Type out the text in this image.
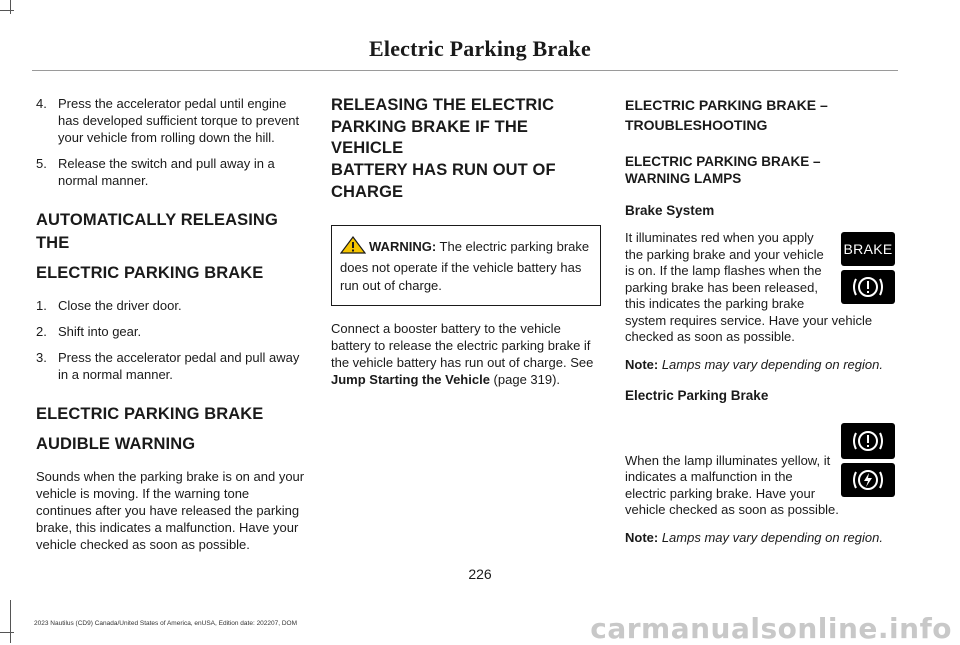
Electric Parking Brake
4. Press the accelerator pedal until engine has developed sufficient torque to prevent your vehicle from rolling down the hill.
5. Release the switch and pull away in a normal manner.
AUTOMATICALLY RELEASING THE
ELECTRIC PARKING BRAKE
1. Close the driver door.
2. Shift into gear.
3. Press the accelerator pedal and pull away in a normal manner.
ELECTRIC PARKING BRAKE
AUDIBLE WARNING

Sounds when the parking brake is on and your vehicle is moving. If the warning tone continues after you have released the parking brake, this indicates a malfunction. Have your vehicle checked as soon as possible.

RELEASING THE ELECTRIC
PARKING BRAKE IF THE VEHICLE
BATTERY HAS RUN OUT OF
CHARGE
WARNING: The electric parking brake does not operate if the vehicle battery has run out of charge.

Connect a booster battery to the vehicle battery to release the electric parking brake if the vehicle battery has run out of charge. See Jump Starting the Vehicle (page 319).

ELECTRIC PARKING BRAKE –
TROUBLESHOOTING
ELECTRIC PARKING BRAKE –
WARNING LAMPS
Brake System
BRAKE

It illuminates red when you apply the parking brake and your vehicle is on. If the lamp flashes when the parking brake has been released, this indicates the parking brake system requires service. Have your vehicle checked as soon as possible.

Note: Lamps may vary depending on region.

Electric Parking Brake

When the lamp illuminates yellow, it indicates a malfunction in the electric parking brake. Have your vehicle checked as soon as possible.

Note: Lamps may vary depending on region.

226
2023 Nautilus (CD9) Canada/United States of America, enUSA, Edition date: 202207, DOM	carmanualsonline.info
